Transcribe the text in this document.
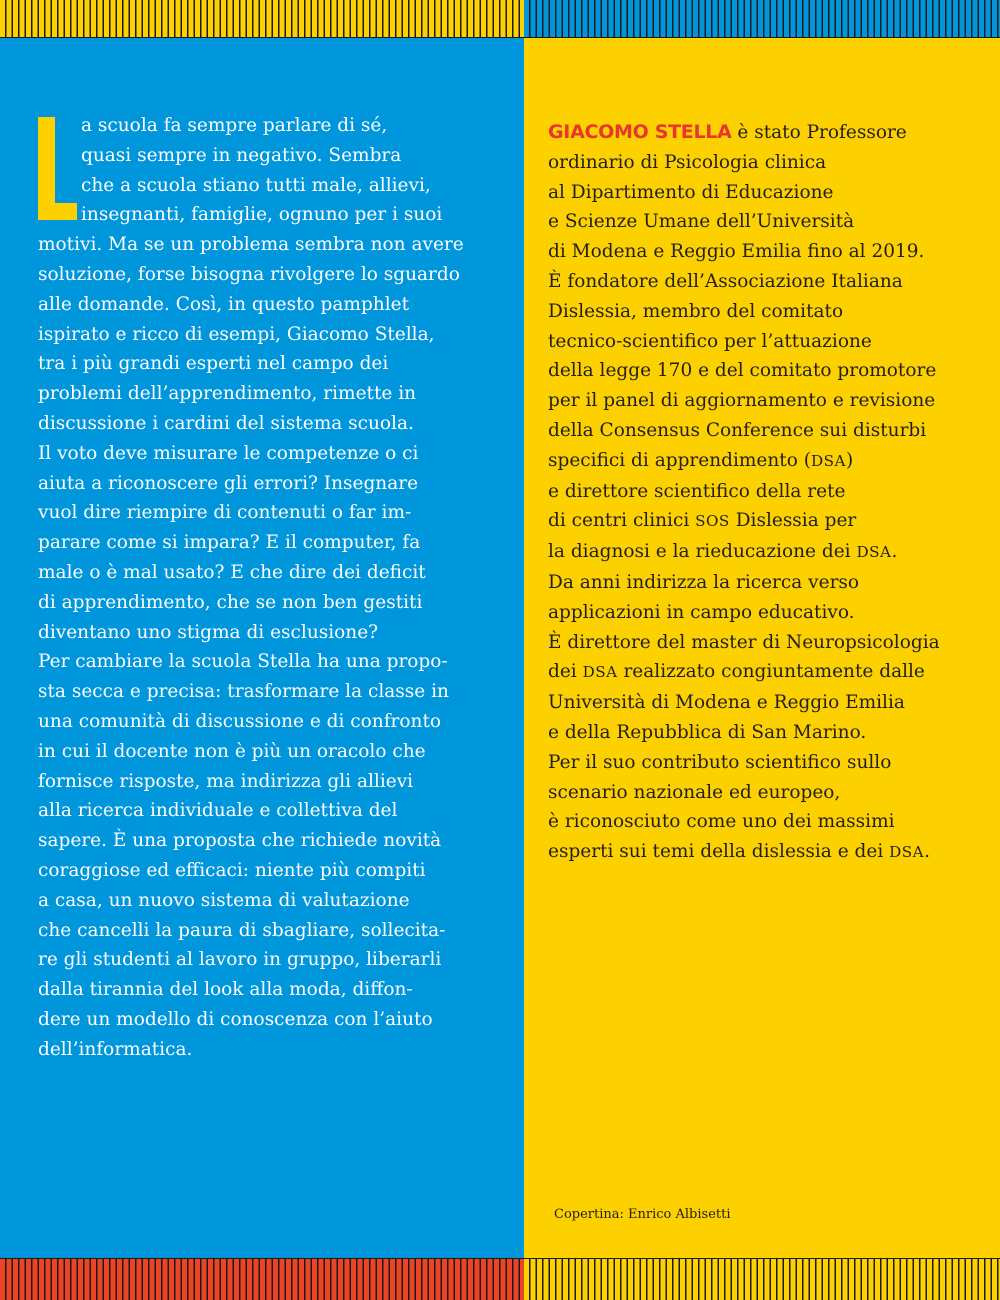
a scuola fa sempre parlare di sé,
quasi sempre in negativo. Sembra
che a scuola stiano tutti male, allievi,
insegnanti, famiglie, ognuno per i suoi
motivi. Ma se un problema sembra non avere
soluzione, forse bisogna rivolgere lo sguardo
alle domande. Così, in questo pamphlet
ispirato e ricco di esempi, Giacomo Stella,
tra i più grandi esperti nel campo dei
problemi dell’apprendimento, rimette in
discussione i cardini del sistema scuola.
Il voto deve misurare le competenze o ci
aiuta a riconoscere gli errori? Insegnare
vuol dire riempire di contenuti o far im-
parare come si impara? E il computer, fa
male o è mal usato? E che dire dei deficit
di apprendimento, che se non ben gestiti
diventano uno stigma di esclusione?
Per cambiare la scuola Stella ha una propo-
sta secca e precisa: trasformare la classe in
una comunità di discussione e di confronto
in cui il docente non è più un oracolo che
fornisce risposte, ma indirizza gli allievi
alla ricerca individuale e collettiva del
sapere. È una proposta che richiede novità
coraggiose ed efficaci: niente più compiti
a casa, un nuovo sistema di valutazione
che cancelli la paura di sbagliare, sollecita-
re gli studenti al lavoro in gruppo, liberarli
dalla tirannia del look alla moda, diffon-
dere un modello di conoscenza con l’aiuto
dell’informatica.

GIACOMO STELLA è stato Professore
ordinario di Psicologia clinica
al Dipartimento di Educazione
e Scienze Umane dell’Università
di Modena e Reggio Emilia fino al 2019.
È fondatore dell’Associazione Italiana
Dislessia, membro del comitato
tecnico-scientifico per l’attuazione
della legge 170 e del comitato promotore
per il panel di aggiornamento e revisione
della Consensus Conference sui disturbi
specifici di apprendimento (DSA)
e direttore scientifico della rete
di centri clinici SOS Dislessia per
la diagnosi e la rieducazione dei DSA.
Da anni indirizza la ricerca verso
applicazioni in campo educativo.
È direttore del master di Neuropsicologia
dei DSA realizzato congiuntamente dalle
Università di Modena e Reggio Emilia
e della Repubblica di San Marino.
Per il suo contributo scientifico sullo
scenario nazionale ed europeo,
è riconosciuto come uno dei massimi
esperti sui temi della dislessia e dei DSA.

Copertina: Enrico Albisetti
